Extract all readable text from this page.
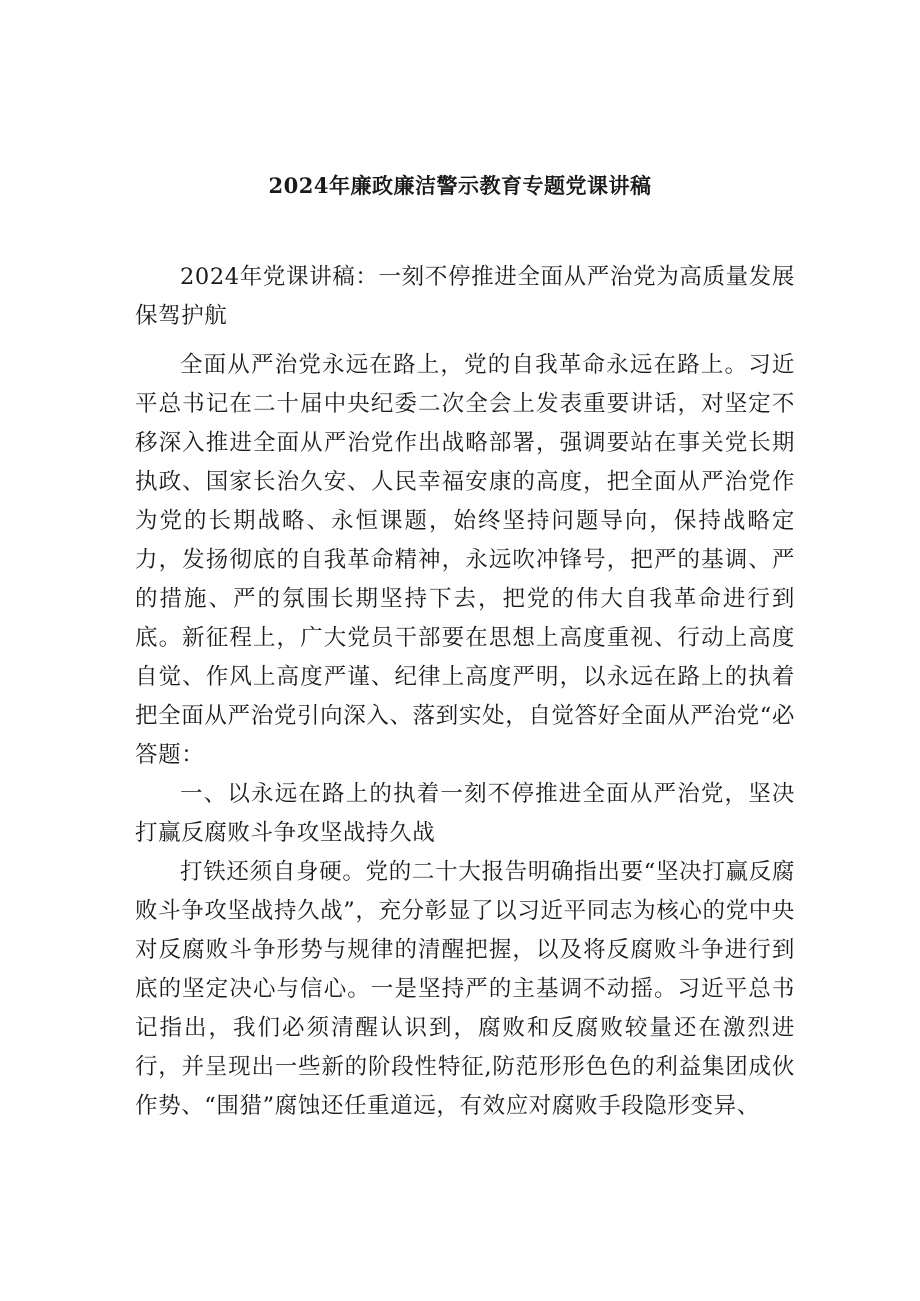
2024年廉政廉洁警示教育专题党课讲稿

2024年党课讲稿：一刻不停推进全面从严治党为高质量发展保驾护航

全面从严治党永远在路上，党的自我革命永远在路上。习近平总书记在二十届中央纪委二次全会上发表重要讲话，对坚定不移深入推进全面从严治党作出战略部署，强调要站在事关党长期执政、国家长治久安、人民幸福安康的高度，把全面从严治党作为党的长期战略、永恒课题，始终坚持问题导向，保持战略定力，发扬彻底的自我革命精神，永远吹冲锋号，把严的基调、严的措施、严的氛围长期坚持下去，把党的伟大自我革命进行到底。新征程上，广大党员干部要在思想上高度重视、行动上高度自觉、作风上高度严谨、纪律上高度严明，以永远在路上的执着把全面从严治党引向深入、落到实处，自觉答好全面从严治党“必答题：

一、以永远在路上的执着一刻不停推进全面从严治党，坚决打赢反腐败斗争攻坚战持久战

打铁还须自身硬。党的二十大报告明确指出要“坚决打赢反腐败斗争攻坚战持久战”，充分彰显了以习近平同志为核心的党中央对反腐败斗争形势与规律的清醒把握，以及将反腐败斗争进行到底的坚定决心与信心。一是坚持严的主基调不动摇。习近平总书记指出，我们必须清醒认识到，腐败和反腐败较量还在激烈进行，并呈现出一些新的阶段性特征,防范形形色色的利益集团成伙作势、“围猎”腐蚀还任重道远，有效应对腐败手段隐形变异、
